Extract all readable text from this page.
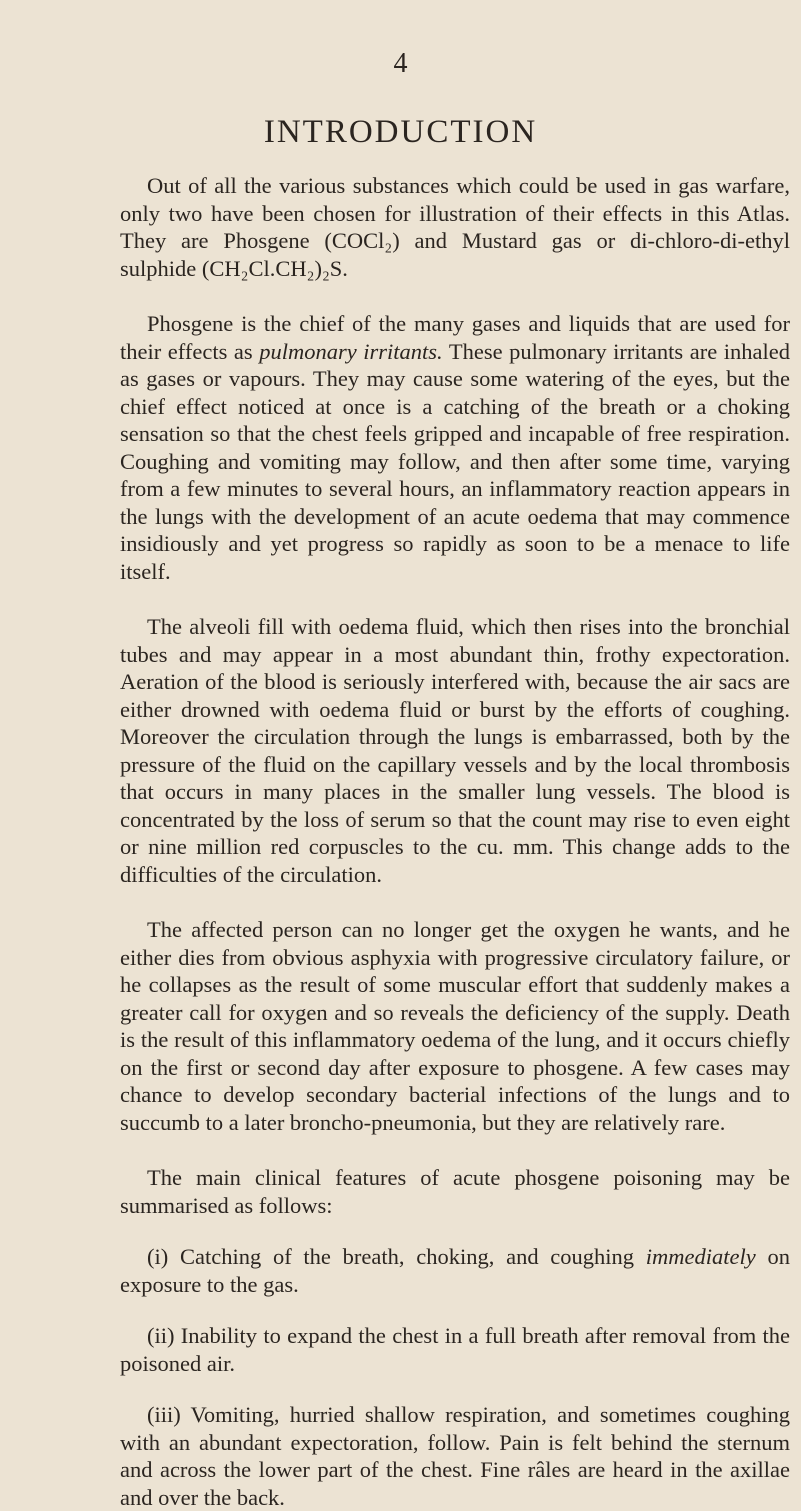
4
INTRODUCTION

Out of all the various substances which could be used in gas warfare, only two have been chosen for illustration of their effects in this Atlas. They are Phosgene (COCl₂) and Mustard gas or di-chloro-di-ethyl sulphide (CH₂Cl.CH₂)₂S.

Phosgene is the chief of the many gases and liquids that are used for their effects as pulmonary irritants. These pulmonary irritants are inhaled as gases or vapours. They may cause some watering of the eyes, but the chief effect noticed at once is a catching of the breath or a choking sensation so that the chest feels gripped and incapable of free respiration. Coughing and vomiting may follow, and then after some time, varying from a few minutes to several hours, an inflammatory reaction appears in the lungs with the development of an acute oedema that may commence insidiously and yet progress so rapidly as soon to be a menace to life itself.

The alveoli fill with oedema fluid, which then rises into the bronchial tubes and may appear in a most abundant thin, frothy expectoration. Aeration of the blood is seriously interfered with, because the air sacs are either drowned with oedema fluid or burst by the efforts of coughing. Moreover the circulation through the lungs is embarrassed, both by the pressure of the fluid on the capillary vessels and by the local thrombosis that occurs in many places in the smaller lung vessels. The blood is concentrated by the loss of serum so that the count may rise to even eight or nine million red corpuscles to the cu. mm. This change adds to the difficulties of the circulation.

The affected person can no longer get the oxygen he wants, and he either dies from obvious asphyxia with progressive circulatory failure, or he collapses as the result of some muscular effort that suddenly makes a greater call for oxygen and so reveals the deficiency of the supply. Death is the result of this inflammatory oedema of the lung, and it occurs chiefly on the first or second day after exposure to phosgene. A few cases may chance to develop secondary bacterial infections of the lungs and to succumb to a later broncho-pneumonia, but they are relatively rare.

The main clinical features of acute phosgene poisoning may be summarised as follows:

(i) Catching of the breath, choking, and coughing immediately on exposure to the gas.

(ii) Inability to expand the chest in a full breath after removal from the poisoned air.

(iii) Vomiting, hurried shallow respiration, and sometimes coughing with an abundant expectoration, follow. Pain is felt behind the sternum and across the lower part of the chest. Fine râles are heard in the axillae and over the back.
